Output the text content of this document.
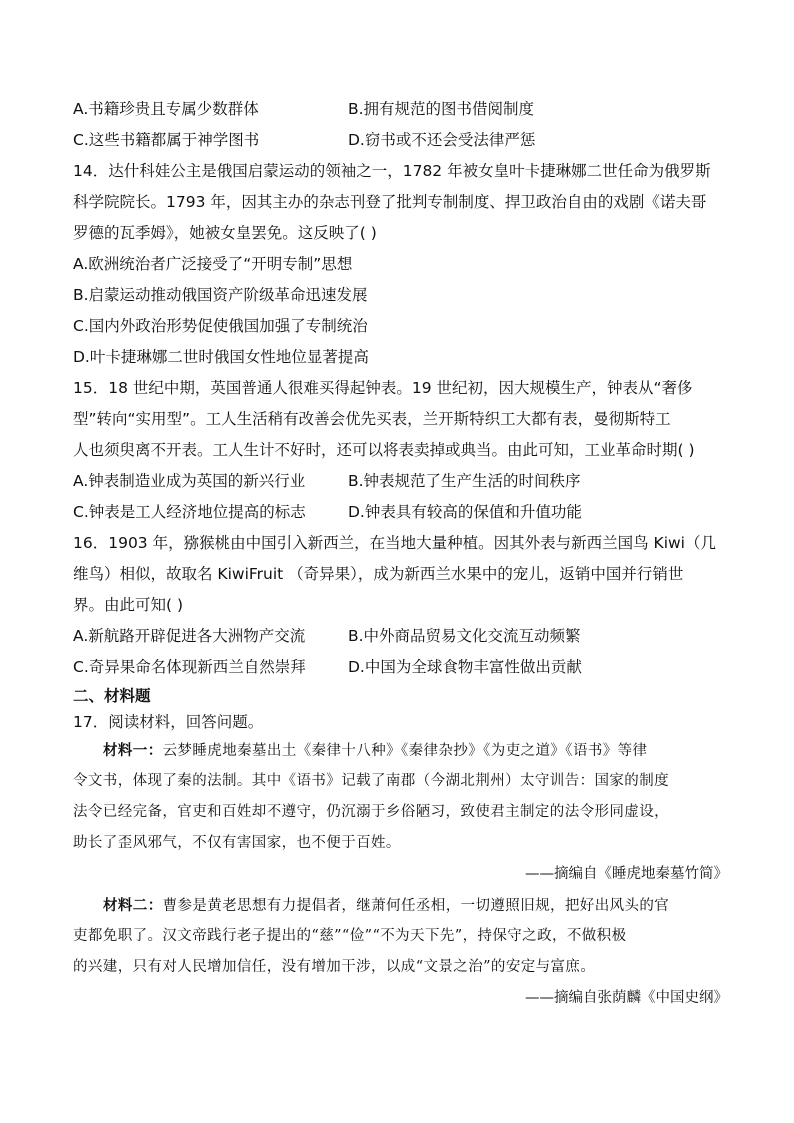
A.书籍珍贵且专属少数群体	B.拥有规范的图书借阅制度
C.这些书籍都属于神学图书	D.窃书或不还会受法律严惩
14．达什科娃公主是俄国启蒙运动的领袖之一，1782 年被女皇叶卡捷琳娜二世任命为俄罗斯
科学院院长。1793 年，因其主办的杂志刊登了批判专制制度、捍卫政治自由的戏剧《诺夫哥
罗德的瓦季姆》，她被女皇罢免。这反映了( )
A.欧洲统治者广泛接受了“开明专制”思想
B.启蒙运动推动俄国资产阶级革命迅速发展
C.国内外政治形势促使俄国加强了专制统治
D.叶卡捷琳娜二世时俄国女性地位显著提高
15．18 世纪中期，英国普通人很难买得起钟表。19 世纪初，因大规模生产，钟表从“奢侈
型”转向“实用型”。工人生活稍有改善会优先买表，兰开斯特织工大都有表，曼彻斯特工
人也须臾离不开表。工人生计不好时，还可以将表卖掉或典当。由此可知，工业革命时期( )
A.钟表制造业成为英国的新兴行业	B.钟表规范了生产生活的时间秩序
C.钟表是工人经济地位提高的标志	D.钟表具有较高的保值和升值功能
16．1903 年，猕猴桃由中国引入新西兰，在当地大量种植。因其外表与新西兰国鸟 Kiwi（几
维鸟）相似，故取名 KiwiFruit （奇异果），成为新西兰水果中的宠儿，返销中国并行销世
界。由此可知( )
A.新航路开辟促进各大洲物产交流	B.中外商品贸易文化交流互动频繁
C.奇异果命名体现新西兰自然崇拜	D.中国为全球食物丰富性做出贡献
二、材料题
17．阅读材料，回答问题。
材料一：云梦睡虎地秦墓出土《秦律十八种》《秦律杂抄》《为吏之道》《语书》等律
令文书，体现了秦的法制。其中《语书》记载了南郡（今湖北荆州）太守训告：国家的制度
法令已经完备，官吏和百姓却不遵守，仍沉溺于乡俗陋习，致使君主制定的法令形同虚设，
助长了歪风邪气，不仅有害国家，也不便于百姓。
——摘编自《睡虎地秦墓竹简》
材料二：曹参是黄老思想有力提倡者，继萧何任丞相，一切遵照旧规，把好出风头的官
吏都免职了。汉文帝践行老子提出的“慈”“俭”“不为天下先”，持保守之政，不做积极
的兴建，只有对人民增加信任，没有增加干涉，以成“文景之治”的安定与富庶。
——摘编自张荫麟《中国史纲》
